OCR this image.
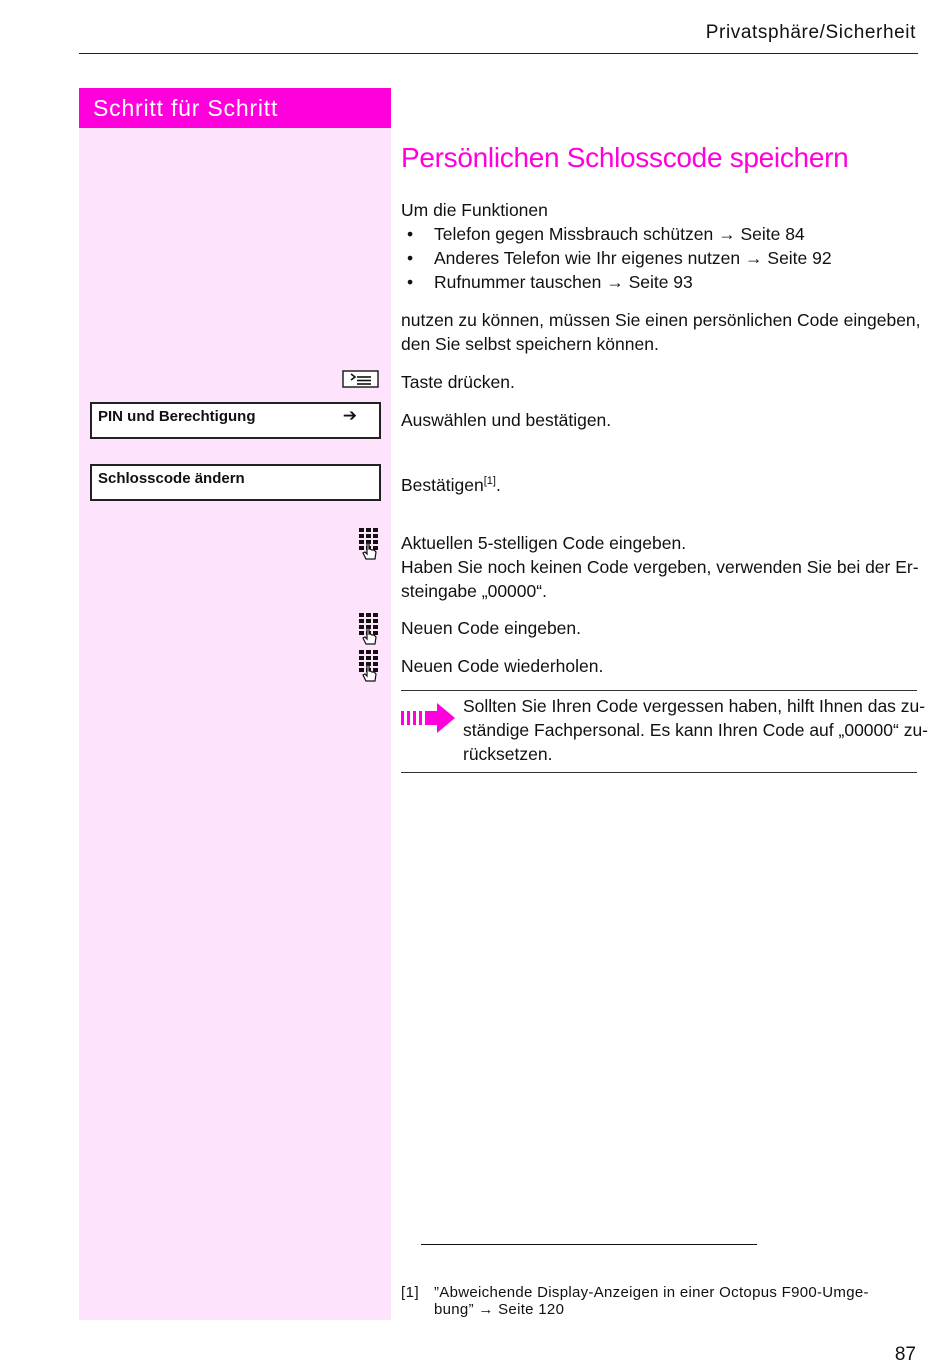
Privatsphäre/Sicherheit
Schritt für Schritt
PIN und Berechtigung	➔
Schlosscode ändern
Persönlichen Schlosscode speichern
Um die Funktionen
• Telefon gegen Missbrauch schützen → Seite 84
• Anderes Telefon wie Ihr eigenes nutzen → Seite 92
• Rufnummer tauschen → Seite 93
nutzen zu können, müssen Sie einen persönlichen Code eingeben,
den Sie selbst speichern können.
Taste drücken.
Auswählen und bestätigen.
Bestätigen[1].
Aktuellen 5-stelligen Code eingeben.
Haben Sie noch keinen Code vergeben, verwenden Sie bei der Er-
steingabe „00000“.
Neuen Code eingeben.
Neuen Code wiederholen.
Sollten Sie Ihren Code vergessen haben, hilft Ihnen das zu-
ständige Fachpersonal. Es kann Ihren Code auf „00000“ zu-
rücksetzen.
[1] ”Abweichende Display-Anzeigen in einer Octopus F900-Umge-
bung” → Seite 120
87
